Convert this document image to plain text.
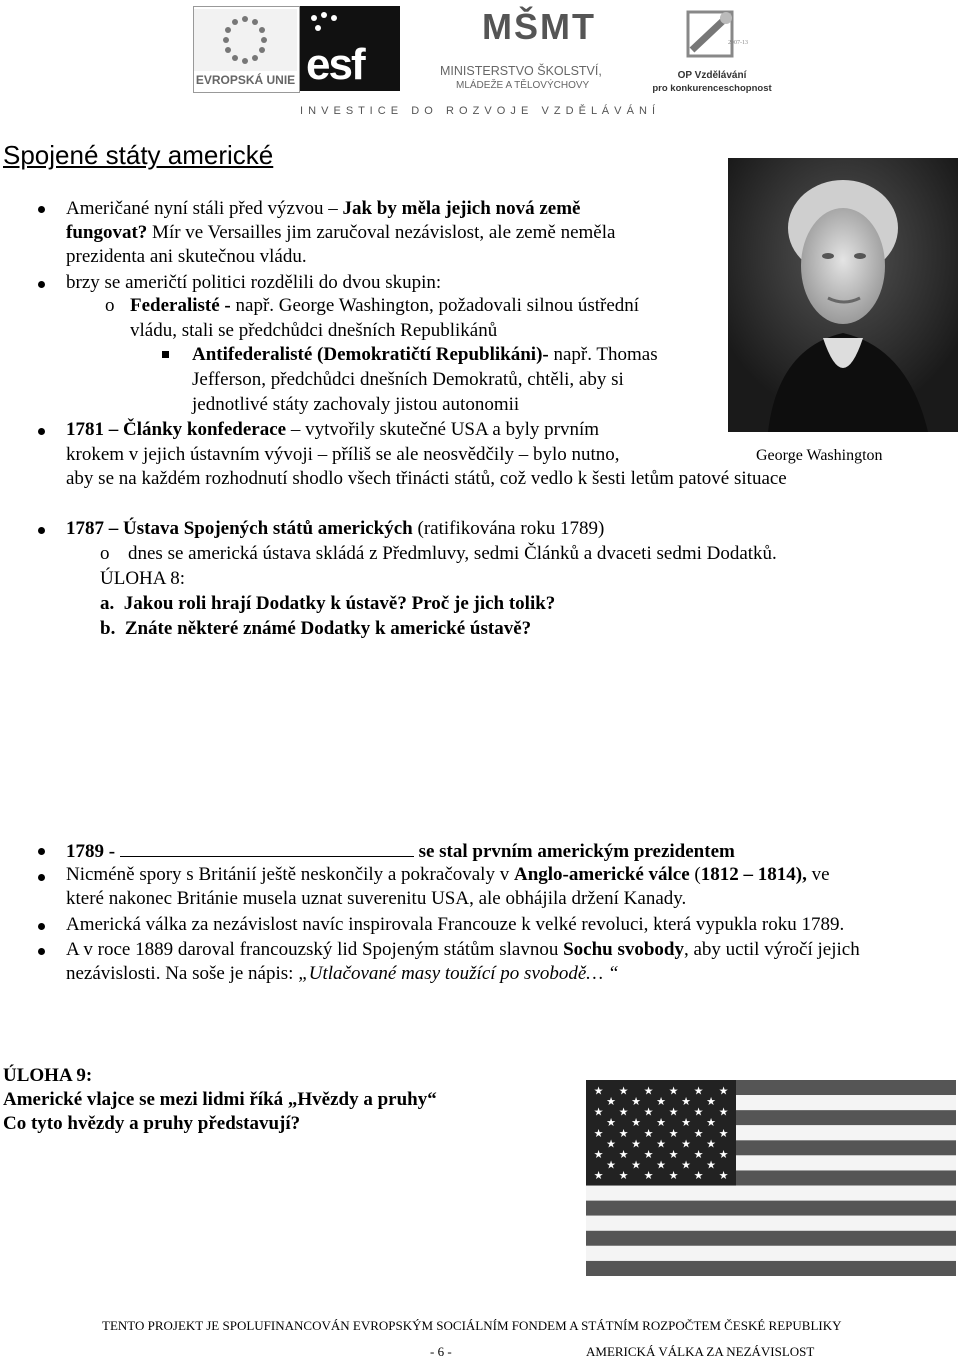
EVROPSKÁ UNIE esf
MŠMT
MINISTERSTVO ŠKOLSTVÍ,
MLÁDEŽE A TĚLOVÝCHOVY
2007-13
OP Vzdělávání
pro konkurenceschopnost
I N V E S T I C E   D O   R O Z V O J E   V Z D Ě L Á V Á N Í
Spojené státy americké
George Washington
Američané nyní stáli před výzvou – Jak by měla jejich nová země
fungovat? Mír ve Versailles jim zaručoval nezávislost, ale země neměla
prezidenta ani skutečnou vládu.
brzy se američtí politici rozdělili do dvou skupin:
o Federalisté - např. George Washington, požadovali silnou ústřední
vládu, stali se předchůdci dnešních Republikánů
Antifederalisté (Demokratičtí Republikáni)- např. Thomas
Jefferson, předchůdci dnešních Demokratů, chtěli, aby si
jednotlivé státy zachovaly jistou autonomii
1781 – Články konfederace – vytvořily skutečné USA a byly prvním
krokem v jejich ústavním vývoji – příliš se ale neosvědčily – bylo nutno,
aby se na každém rozhodnutí shodlo všech třinácti států, což vedlo k šesti letům patové situace
1787 – Ústava Spojených států amerických (ratifikována roku 1789)
o dnes se americká ústava skládá z Předmluvy, sedmi Článků a dvaceti sedmi Dodatků.
ÚLOHA 8:
a.  Jakou roli hrají Dodatky k ústavě? Proč je jich tolik?
b.  Znáte některé známé Dodatky k americké ústavě?
1789 -	se stal prvním americkým prezidentem
Nicméně spory s Británií ještě neskončily a pokračovaly v Anglo-americké válce (1812 – 1814), ve
které nakonec Británie musela uznat suverenitu USA, ale obhájila držení Kanady.
Americká válka za nezávislost navíc inspirovala Francouze k velké revoluci, která vypukla roku 1789.
A v roce 1889 daroval francouzský lid Spojeným státům slavnou Sochu svobody, aby uctil výročí jejich
nezávislosti. Na soše je nápis: „Utlačované masy toužící po svobodě… “
ÚLOHA 9:
Americké vlajce se mezi lidmi říká „Hvězdy a pruhy“
Co tyto hvězdy a pruhy představují?
★ ★ ★ ★ ★ ★
★ ★ ★ ★ ★
★ ★ ★ ★ ★ ★
★ ★ ★ ★ ★
★ ★ ★ ★ ★ ★
★ ★ ★ ★ ★
★ ★ ★ ★ ★ ★
★ ★ ★ ★ ★
★ ★ ★ ★ ★ ★
TENTO PROJEKT JE SPOLUFINANCOVÁN EVROPSKÝM SOCIÁLNÍM FONDEM A STÁTNÍM ROZPOČTEM ČESKÉ REPUBLIKY
- 6 -	AMERICKÁ VÁLKA ZA NEZÁVISLOST
